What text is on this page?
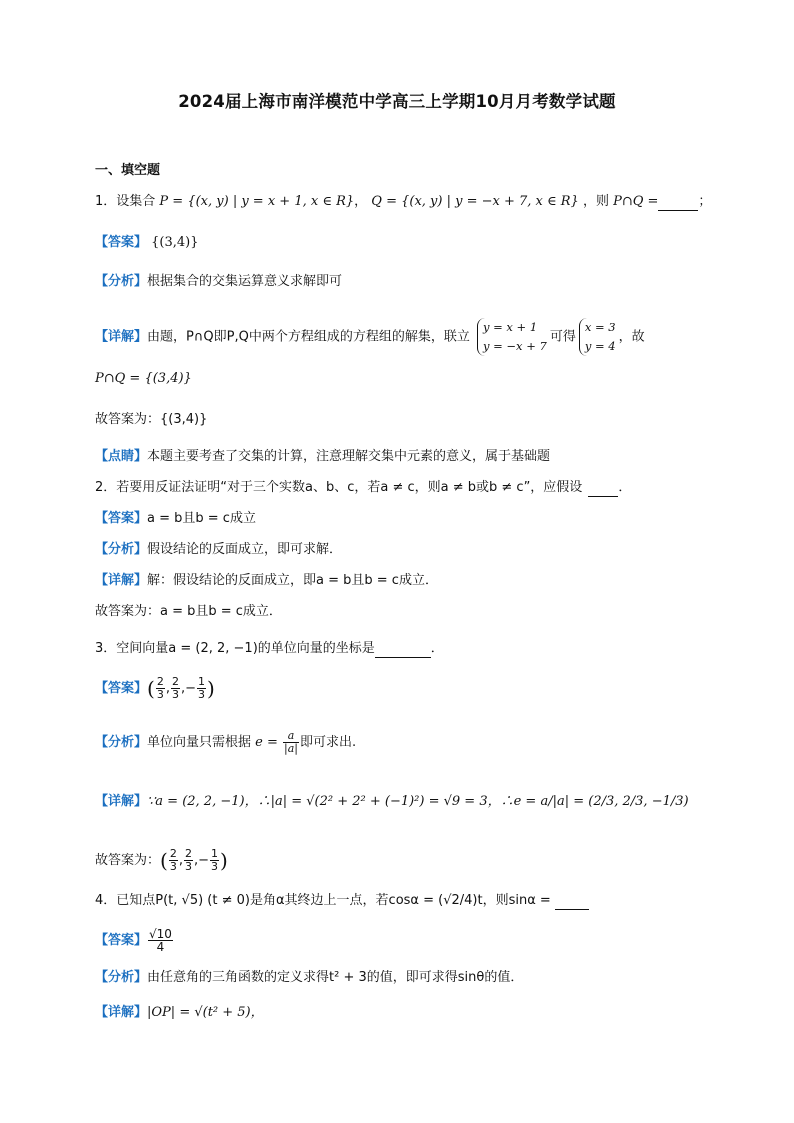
2024届上海市南洋模范中学高三上学期10月月考数学试题
一、填空题
1．设集合 P = {(x, y) | y = x + 1, x ∈ R}， Q = {(x, y) | y = −x + 7, x ∈ R} ，则 P∩Q =	；
【答案】 {(3,4)}
【分析】根据集合的交集运算意义求解即可
【详解】由题，P∩Q即P,Q中两个方程组成的方程组的解集，联立
y = x + 1
y = −x + 7
可得
x = 3
y = 4
，故
P∩Q = {(3,4)}
故答案为：{(3,4)}
【点睛】本题主要考查了交集的计算，注意理解交集中元素的意义，属于基础题
2．若要用反证法证明“对于三个实数a、b、c，若a ≠ c，则a ≠ b或b ≠ c”，应假设	．
【答案】a = b且b = c成立
【分析】假设结论的反面成立，即可求解．
【详解】解：假设结论的反面成立，即a = b且b = c成立．
故答案为：a = b且b = c成立．
3．空间向量a = (2, 2, −1)的单位向量的坐标是	．
【答案】( $\frac{2}{3}$ , $\frac{2}{3}$ ,− $\frac{1}{3}$ )
【分析】单位向量只需根据 $e = \frac{a}{|a|}$ 即可求出.
【详解】∵a = (2, 2, −1)，∴|a| = √(2² + 2² + (−1)²) = √9 = 3，∴e = a/|a| = (2/3, 2/3, −1/3)
故答案为：( $\frac{2}{3}$ , $\frac{2}{3}$ ,− $\frac{1}{3}$ )
4．已知点P(t, √5) (t ≠ 0)是角α其终边上一点，若cosα = (√2/4)t，则sinα =
【答案】 $\frac{√10}{4}$
【分析】由任意角的三角函数的定义求得t² + 3的值，即可求得sinθ的值．
【详解】|OP| = √(t² + 5)，
